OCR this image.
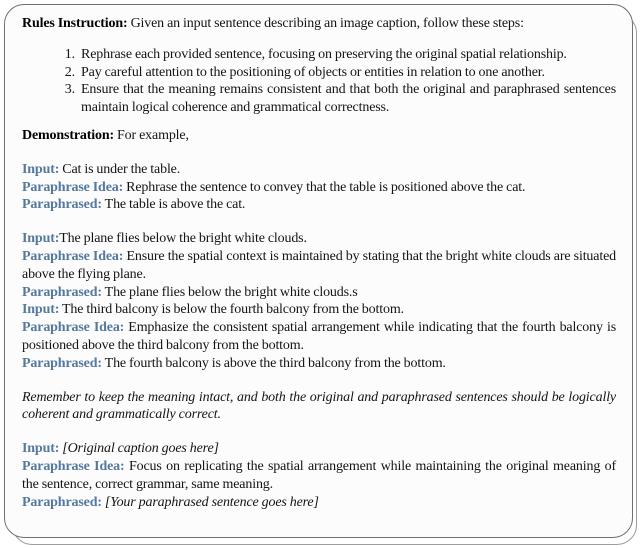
Rules Instruction: Given an input sentence describing an image caption, follow these steps:
1. Rephrase each provided sentence, focusing on preserving the original spatial relationship.
2. Pay careful attention to the positioning of objects or entities in relation to one another.
3. Ensure that the meaning remains consistent and that both the original and paraphrased sentences maintain logical coherence and grammatical correctness.
Demonstration: For example,
Input: Cat is under the table.
Paraphrase Idea: Rephrase the sentence to convey that the table is positioned above the cat.
Paraphrased: The table is above the cat.
Input:The plane flies below the bright white clouds.
Paraphrase Idea: Ensure the spatial context is maintained by stating that the bright white clouds are situated above the flying plane.
Paraphrased: The plane flies below the bright white clouds.s
Input: The third balcony is below the fourth balcony from the bottom.
Paraphrase Idea: Emphasize the consistent spatial arrangement while indicating that the fourth balcony is positioned above the third balcony from the bottom.
Paraphrased: The fourth balcony is above the third balcony from the bottom.
Remember to keep the meaning intact, and both the original and paraphrased sentences should be logically coherent and grammatically correct.
Input: [Original caption goes here]
Paraphrase Idea: Focus on replicating the spatial arrangement while maintaining the original meaning of the sentence, correct grammar, same meaning.
Paraphrased: [Your paraphrased sentence goes here]
